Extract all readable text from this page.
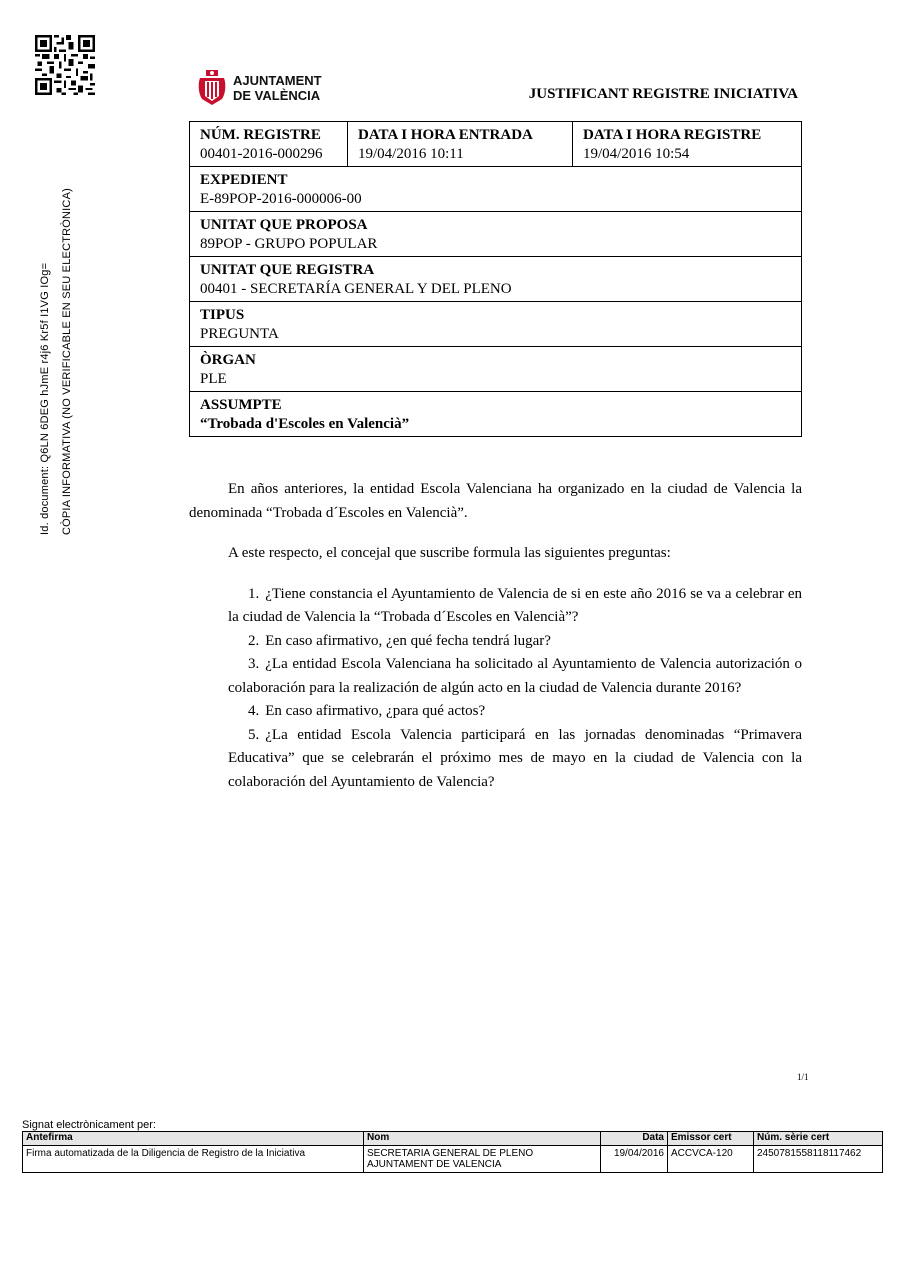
AJUNTAMENT
DE VALÈNCIA	JUSTIFICANT REGISTRE INICIATIVA
Id. document: Q6LN 6DEG hJmE r4j6 Kr5f I1VG IOg= CÒPIA INFORMATIVA (NO VERIFICABLE EN SEU ELECTRÒNICA)
NÚM. REGISTRE
00401-2016-000296

DATA I HORA ENTRADA
19/04/2016 10:11

DATA I HORA REGISTRE
19/04/2016 10:54

EXPEDIENT
E-89POP-2016-000006-00

UNITAT QUE PROPOSA
89POP - GRUPO POPULAR

UNITAT QUE REGISTRA
00401 - SECRETARÍA GENERAL Y DEL PLENO

TIPUS
PREGUNTA

ÒRGAN
PLE

ASSUMPTE
“Trobada d'Escoles en Valencià”

En años anteriores, la entidad Escola Valenciana ha organizado en la ciudad de Valencia la denominada “Trobada d´Escoles en Valencià”.

A este respecto, el concejal que suscribe formula las siguientes preguntas:

1. ¿Tiene constancia el Ayuntamiento de Valencia de si en este año 2016 se va a celebrar en la ciudad de Valencia la “Trobada d´Escoles en Valencià”?
2. En caso afirmativo, ¿en qué fecha tendrá lugar?
3. ¿La entidad Escola Valenciana ha solicitado al Ayuntamiento de Valencia autorización o colaboración para la realización de algún acto en la ciudad de Valencia durante 2016?
4. En caso afirmativo, ¿para qué actos?
5. ¿La entidad Escola Valencia participará en las jornadas denominadas “Primavera Educativa” que se celebrarán el próximo mes de mayo en la ciudad de Valencia con la colaboración del Ayuntamiento de Valencia?
1/1
Signat electrònicament per:
Antefirma	Nom	Data	Emissor cert	Núm. sèrie cert
Firma automatizada de la Diligencia de Registro de la Iniciativa	SECRETARIA GENERAL DE PLENO
AJUNTAMENT DE VALENCIA	19/04/2016	ACCVCA-120	2450781558118117462
